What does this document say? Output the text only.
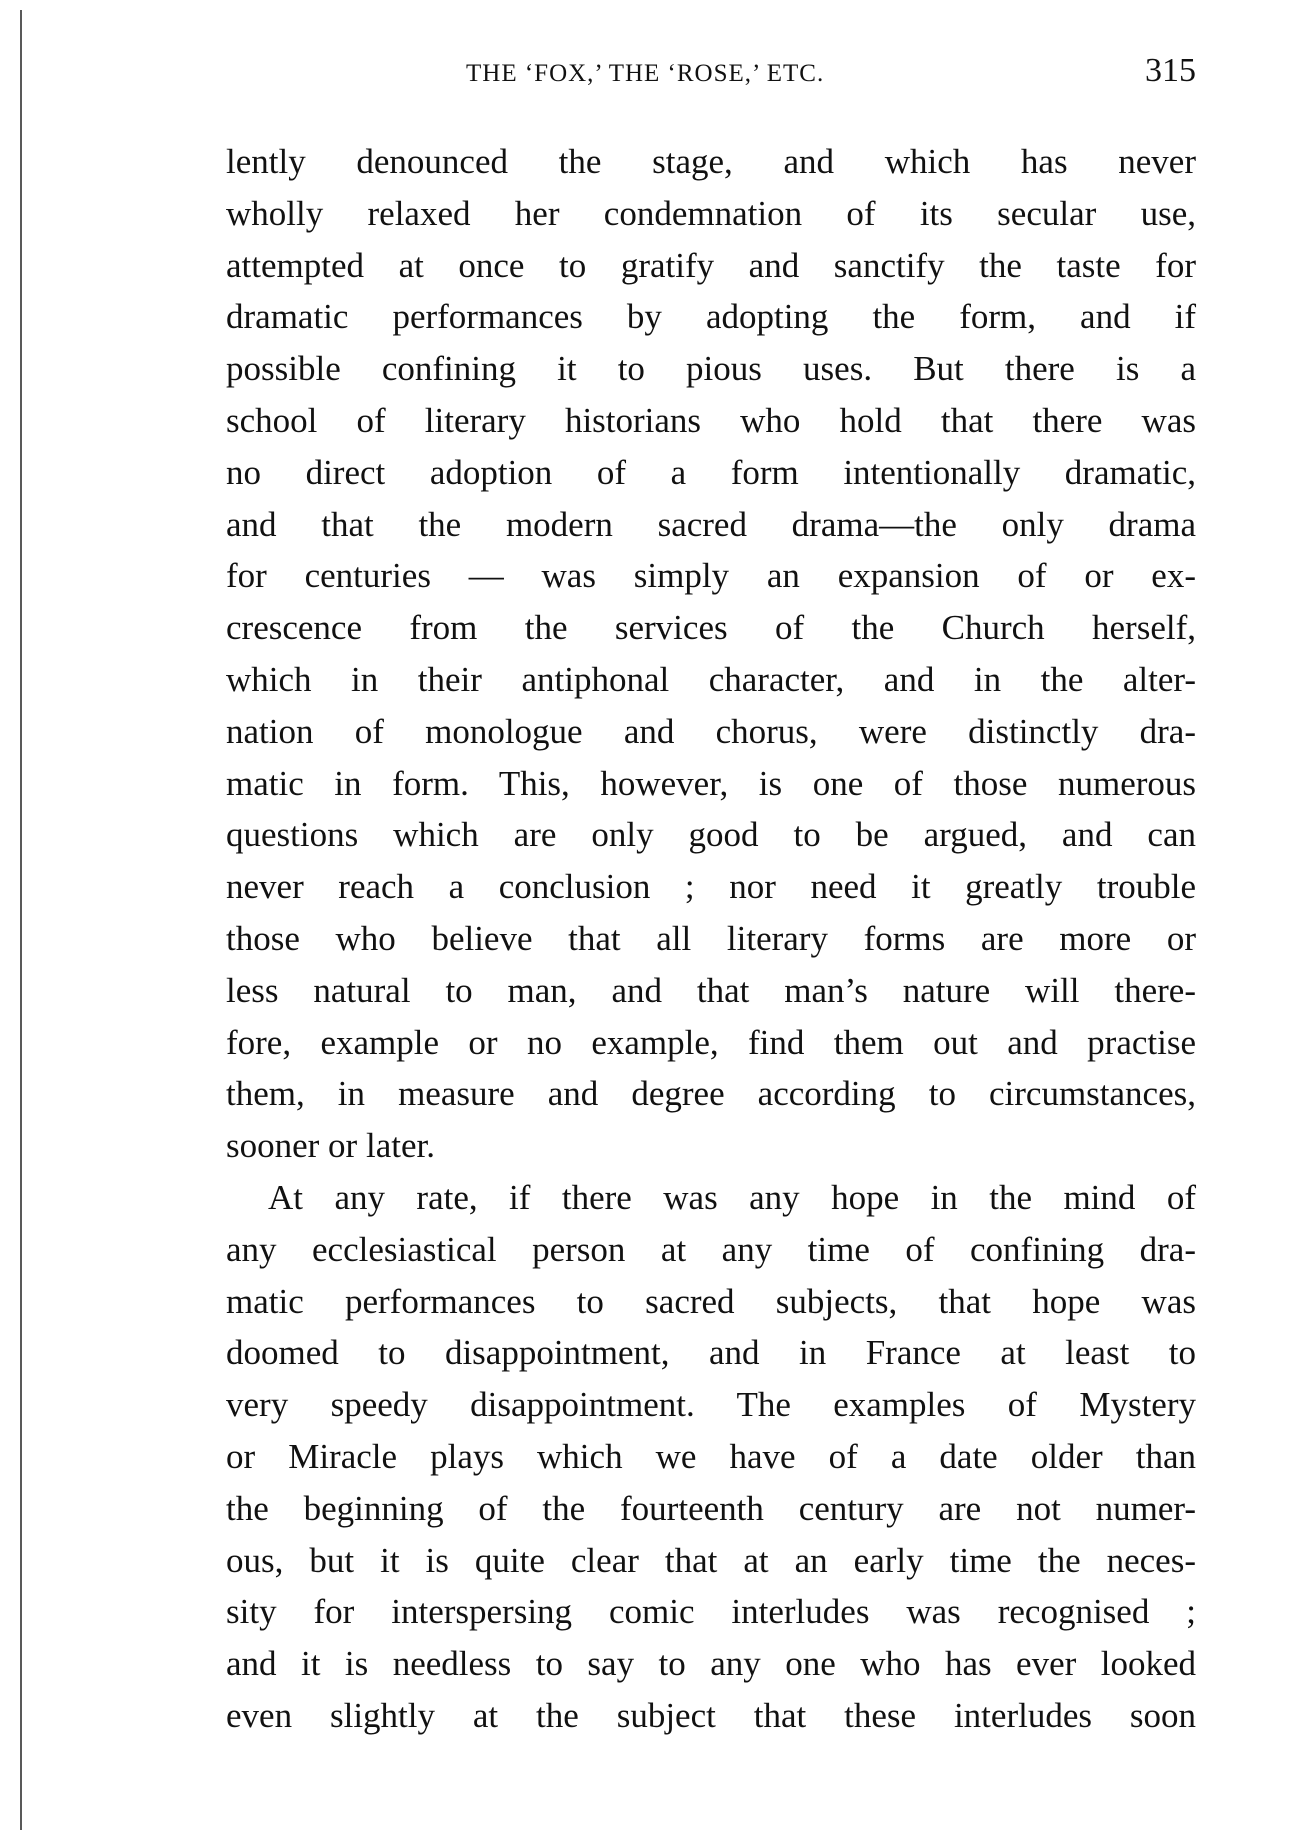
THE ‘FOX,’ THE ‘ROSE,’ ETC.	315
lently denounced the stage, and which has never
wholly relaxed her condemnation of its secular use,
attempted at once to gratify and sanctify the taste for
dramatic performances by adopting the form, and if
possible confining it to pious uses. But there is a
school of literary historians who hold that there was
no direct adoption of a form intentionally dramatic,
and that the modern sacred drama—the only drama
for centuries — was simply an expansion of or ex-
crescence from the services of the Church herself,
which in their antiphonal character, and in the alter-
nation of monologue and chorus, were distinctly dra-
matic in form. This, however, is one of those numerous
questions which are only good to be argued, and can
never reach a conclusion ; nor need it greatly trouble
those who believe that all literary forms are more or
less natural to man, and that man’s nature will there-
fore, example or no example, find them out and practise
them, in measure and degree according to circumstances,
sooner or later.
At any rate, if there was any hope in the mind of
any ecclesiastical person at any time of confining dra-
matic performances to sacred subjects, that hope was
doomed to disappointment, and in France at least to
very speedy disappointment. The examples of Mystery
or Miracle plays which we have of a date older than
the beginning of the fourteenth century are not numer-
ous, but it is quite clear that at an early time the neces-
sity for interspersing comic interludes was recognised ;
and it is needless to say to any one who has ever looked
even slightly at the subject that these interludes soon
